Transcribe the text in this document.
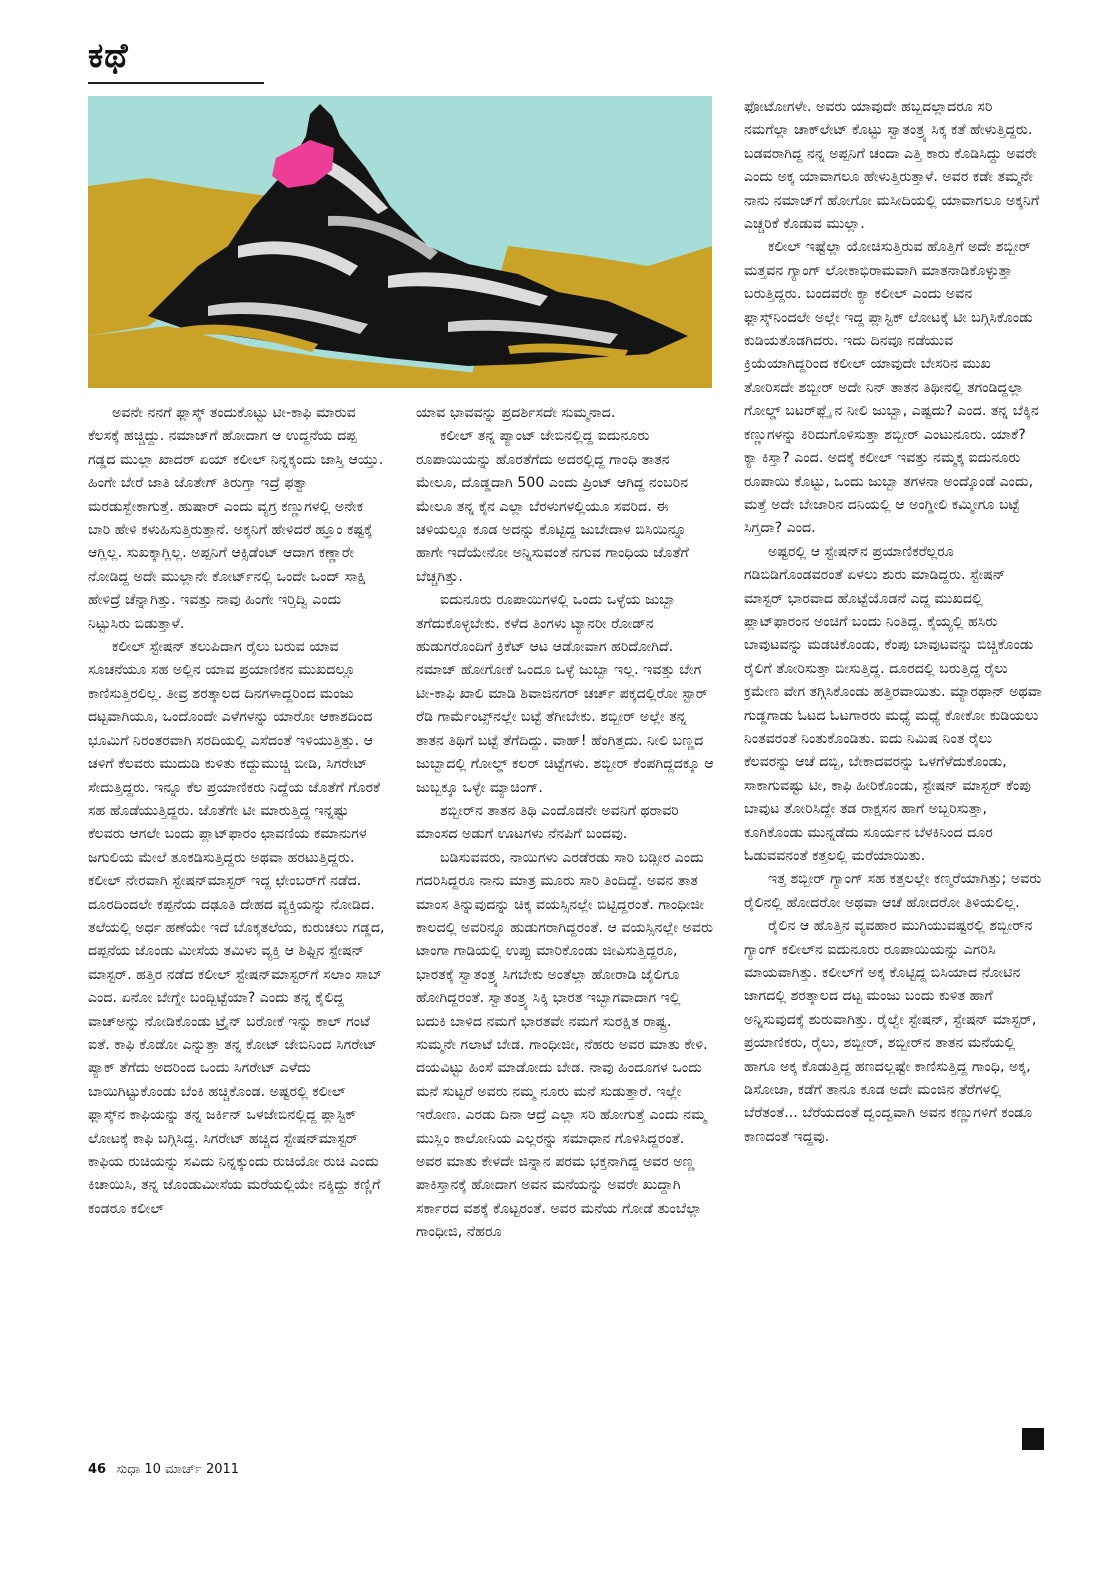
ಕಥೆ

ಅವನೇ ನನಗೆ ಫ್ಲಾಸ್ಕ್ ತಂದುಕೊಟ್ಟು ಟೀ-ಕಾಫಿ ಮಾರುವ ಕೆಲಸಕ್ಕೆ ಹಚ್ಚಿದ್ದು. ನಮಾಜ್‌ಗೆ ಹೋದಾಗ ಆ ಉದ್ದನೆಯ ದಪ್ಪ ಗಡ್ಡದ ಮುಲ್ಲಾ ಖಾದರ್ ಏಯ್ ಕಲೀಲ್ ನಿನ್ನಕ್ಕಂದು ಜಾಸ್ತಿ ಆಯ್ತು. ಹಿಂಗೇ ಬೇರೆ ಜಾತಿ ಜೊತೇಗ್ ತಿರುಗ್ತಾ ಇದ್ರೆ ಫತ್ವಾ ಮರಡುಸ್ಬೇಕಾಗುತ್ತೆ. ಹುಷಾರ್ ಎಂದು ವ್ಯಗ್ರ ಕಣ್ಣುಗಳಲ್ಲಿ ಅನೇಕ ಬಾರಿ ಹೇಳಿ ಕಳುಹಿಸುತ್ತಿರುತ್ತಾನೆ. ಅಕ್ಕನಿಗೆ ಹೇಳಿದರೆ ಹ್ಞೂಂ ಕಷ್ಟಕ್ಕೆ ಆಗ್ಲಿಲ್ಲ. ಸುಖಕ್ಕಾಗ್ಲಿಲ್ಲ. ಅಪ್ಪನಿಗೆ ಆಕ್ಸಿಡೆಂಟ್ ಆದಾಗ ಕಣ್ಣಾರೇ ನೋಡಿದ್ದ ಅದೇ ಮುಲ್ಲಾನೇ ಕೋರ್ಟ್‌ನಲ್ಲಿ ಒಂದೇ ಒಂದ್ ಸಾಕ್ಷಿ ಹೇಳಿದ್ರೆ ಚೆನ್ನಾಗಿತ್ತು. ಇವತ್ತು ನಾವು ಹಿಂಗೇ ಇರ್‍ತಿದ್ವಿ ಎಂದು ನಿಟ್ಟುಸಿರು ಬಿಡುತ್ತಾಳೆ.

ಕಲೀಲ್ ಸ್ಟೇಷನ್ ತಲುಪಿದಾಗ ರೈಲು ಬರುವ ಯಾವ ಸೂಚನೆಯೂ ಸಹ ಅಲ್ಲಿನ ಯಾವ ಪ್ರಯಾಣಿಕನ ಮುಖದಲ್ಲೂ ಕಾಣಿಸುತ್ತಿರಲಿಲ್ಲ. ತೀವ್ರ ಶರತ್ಕಾಲದ ದಿನಗಳಾದ್ದರಿಂದ ಮಂಜು ದಟ್ಟವಾಗಿಯೂ, ಒಂದೊಂದೇ ಎಳೆಗಳನ್ನು ಯಾರೋ ಆಕಾಶದಿಂದ ಭೂಮಿಗೆ ನಿರಂತರವಾಗಿ ಸರದಿಯಲ್ಲಿ ಎಸೆದಂತೆ ಇಳಿಯುತ್ತಿತ್ತು. ಆ ಚಳಿಗೆ ಕೆಲವರು ಮುದುಡಿ ಕುಳಿತು ಕದ್ದುಮುಚ್ಚಿ ಬೀಡಿ, ಸಿಗರೇಟ್ ಸೇದುತ್ತಿದ್ದರು. ಇನ್ನೂ ಕೆಲ ಪ್ರಯಾಣಿಕರು ನಿದ್ದೆಯ ಜೊತೆಗೆ ಗೊರಕೆ ಸಹ ಹೊಡೆಯುತ್ತಿದ್ದರು. ಜೊತೆಗೇ ಟೀ ಮಾರುತ್ತಿದ್ದ ಇನ್ನಷ್ಟು ಕೆಲವರು ಆಗಲೇ ಬಂದು ಪ್ಲಾಟ್‌ಫಾರಂ ಛಾವಣಿಯ ಕಮಾನುಗಳ ಜಗುಲಿಯ ಮೇಲೆ ತೂಕಡಿಸುತ್ತಿದ್ದರು ಅಥವಾ ಹರಟುತ್ತಿದ್ದರು. ಕಲೀಲ್ ನೇರವಾಗಿ ಸ್ಟೇಷನ್‌ಮಾಸ್ಟರ್ ಇದ್ದ ಛೇಂಬರ್‌ಗೆ ನಡೆದ. ದೂರದಿಂದಲೇ ಕಪ್ಪನೆಯ ದಢೂತಿ ದೇಹದ ವ್ಯಕ್ತಿಯನ್ನು ನೋಡಿದ. ತಲೆಯಲ್ಲಿ ಅರ್ಧ ಹಣೆಯೇ ಇದೆ ಬೊಕ್ಕತಲೆಯ, ಕುರುಚಲು ಗಡ್ಡದ, ದಪ್ಪನೆಯ ಜೊಂಡು ಮೀಸೆಯ ತಮಿಳು ವ್ಯಕ್ತಿ ಆ ಶಿಫ್ಟಿನ ಸ್ಟೇಷನ್ ಮಾಸ್ಟರ್. ಹತ್ತಿರ ನಡೆದ ಕಲೀಲ್ ಸ್ಟೇಷನ್‌ಮಾಸ್ಟರ್‌ಗೆ ಸಲಾಂ ಸಾಬ್ ಎಂದ. ಏನೋ ಬೇಗ್ನೇ ಬಂದ್ಬಿಟ್ಟೆಯಾ? ಎಂದು ತನ್ನ ಕೈಲಿದ್ದ ವಾಚ್‌ಅನ್ನು ನೋಡಿಕೊಂಡು ಟ್ರೈನ್ ಬರೋಕೆ ಇನ್ನು ಕಾಲ್ ಗಂಟೆ ಐತೆ. ಕಾಫಿ ಕೊಡೋ ಎನ್ನುತ್ತಾ ತನ್ನ ಕೋಟ್ ಜೇಬಿನಿಂದ ಸಿಗರೇಟ್ ಪ್ಯಾಕ್ ತೆಗೆದು ಅದರಿಂದ ಒಂದು ಸಿಗರೇಟ್ ಎಳೆದು ಬಾಯಿಗಿಟ್ಟುಕೊಂಡು ಬೆಂಕಿ ಹಚ್ಚಿಕೊಂಡ. ಅಷ್ಟರಲ್ಲಿ ಕಲೀಲ್ ಫ್ಲಾಸ್ಕ್‌ನ ಕಾಫಿಯನ್ನು ತನ್ನ ಜರ್ಕಿನ್ ಒಳಜೇಬಿನಲ್ಲಿದ್ದ ಪ್ಲಾಸ್ಟಿಕ್ ಲೋಟಕ್ಕೆ ಕಾಫಿ ಬಗ್ಗಿಸಿದ್ದ. ಸಿಗರೇಟ್ ಹಚ್ಚಿದ ಸ್ಟೇಷನ್‌ಮಾಸ್ಟರ್ ಕಾಫಿಯ ರುಚಿಯನ್ನು ಸವಿದು ನಿನ್ನಕ್ಕುಂದು ರುಚಿಯೋ ರುಚಿ ಎಂದು ಕಿಚಾಯಿಸಿ, ತನ್ನ ಜೊಂಡುಮೀಸೆಯ ಮರೆಯಲ್ಲಿಯೇ ನಕ್ಕಿದ್ದು ಕಣ್ಣಿಗೆ ಕಂಡರೂ ಕಲೀಲ್

ಯಾವ ಭಾವವನ್ನು ಪ್ರದರ್ಶಿಸದೇ ಸುಮ್ಮನಾದ.

ಕಲೀಲ್ ತನ್ನ ಪ್ಯಾಂಟ್ ಜೇಬಿನಲ್ಲಿದ್ದ ಐದುನೂರು ರೂಪಾಯಿಯನ್ನು ಹೊರತೆಗೆದು ಅದರಲ್ಲಿದ್ದ ಗಾಂಧಿ ತಾತನ ಮೇಲೂ, ದೊಡ್ಡದಾಗಿ 500 ಎಂದು ಪ್ರಿಂಟ್ ಆಗಿದ್ದ ನಂಬರಿನ ಮೇಲೂ ತನ್ನ ಕೈನ ಎಲ್ಲಾ ಬೆರಳುಗಳಲ್ಲಿಯೂ ಸವರಿದ. ಈ ಚಳಿಯಲ್ಲೂ ಕೂಡ ಅದನ್ನು ಕೊಟ್ಟಿದ್ದ ಜುಬೇದಾಳ ಬಿಸಿಯಿನ್ನೂ ಹಾಗೇ ಇದೆಯೇನೋ ಅನ್ನಿಸುವಂತೆ ನಗುವ ಗಾಂಧಿಯ ಜೊತೆಗೆ ಬೆಚ್ಚಗಿತ್ತು.

ಐದುನೂರು ರೂಪಾಯಿಗಳಲ್ಲಿ ಒಂದು ಒಳ್ಳೆಯ ಜುಬ್ಬಾ ತಗೆದುಕೊಳ್ಳಬೇಕು. ಕಳೆದ ತಿಂಗಳು ಟ್ಯಾನರೀ ರೋಡ್‌ನ ಹುಡುಗರೊಂದಿಗೆ ಕ್ರಿಕೆಟ್ ಆಟ ಆಡೋವಾಗ ಹರಿದೋಗಿದೆ. ನಮಾಜ್ ಹೋಗೋಕೆ ಒಂದೂ ಒಳ್ಳೆ ಜುಬ್ಬಾ ಇಲ್ಲ. ಇವತ್ತು ಬೇಗ ಟೀ-ಕಾಫಿ ಖಾಲಿ ಮಾಡಿ ಶಿವಾಜಿನಗರ್ ಚರ್ಚ್ ಪಕ್ಕದಲ್ಲಿರೋ ಸ್ಟಾರ್ ರೆಡಿ ಗಾರ್ಮೆಂಟ್ಸ್‌ನಲ್ಲೇ ಬಟ್ಟೆ ತೆಗೀಬೇಕು. ಶಬ್ಬೀರ್ ಅಲ್ಲೇ ತನ್ನ ತಾತನ ತಿಥಿಗೆ ಬಟ್ಟೆ ತೆಗೆದಿದ್ದು. ವಾಹ್! ಹೆಂಗಿತ್ತದು. ನೀಲಿ ಬಣ್ಣದ ಜುಬ್ಬಾದಲ್ಲಿ ಗೋಲ್ಡ್ ಕಲರ್ ಚಿಟ್ಟೆಗಳು. ಶಬ್ಬೀರ್ ಕೆಂಪಗಿದ್ದದಕ್ಕೂ ಆ ಜುಬ್ಬಕ್ಕೂ ಒಳ್ಳೇ ಮ್ಯಾಚಿಂಗ್.

ಶಬ್ಬೀರ್‌ನ ತಾತನ ತಿಥಿ ಎಂದೊಡನೇ ಅವನಿಗೆ ಥರಾವರಿ ಮಾಂಸದ ಅಡುಗೆ ಊಟಗಳು ನೆನಪಿಗೆ ಬಂದವು.

ಬಡಿಸುವವರು, ನಾಯಿಗಳು ಎರಡೆರಡು ಸಾರಿ ಬಡ್ಸೀರ ಎಂದು ಗದರಿಸಿದ್ದರೂ ನಾನು ಮಾತ್ರ ಮೂರು ಸಾರಿ ತಿಂದಿದ್ದೆ. ಅವನ ತಾತ ಮಾಂಸ ತಿನ್ನುವುದನ್ನು ಚಿಕ್ಕ ವಯಸ್ಸಿನಲ್ಲೇ ಬಿಟ್ಟಿದ್ದರಂತೆ. ಗಾಂಧೀಜೀ ಕಾಲದಲ್ಲಿ ಅವರಿನ್ನೂ ಹುಡುಗರಾಗಿದ್ದರಂತೆ. ಆ ವಯಸ್ಸಿನಲ್ಲೇ ಅವರು ಟಾಂಗಾ ಗಾಡಿಯಲ್ಲಿ ಉಪ್ಪು ಮಾರಿಕೊಂಡು ಜೀವಿಸುತ್ತಿದ್ದರೂ, ಭಾರತಕ್ಕೆ ಸ್ವಾತಂತ್ರ್ಯ ಸಿಗಬೇಕು ಅಂತೆಲ್ಲಾ ಹೋರಾಡಿ ಜೈಲಿಗೂ ಹೋಗಿದ್ದರಂತೆ. ಸ್ವಾತಂತ್ರ್ಯ ಸಿಕ್ಕಿ ಭಾರತ ಇಬ್ಭಾಗವಾದಾಗ ಇಲ್ಲಿ ಬದುಕಿ ಬಾಳಿದ ನಮಗೆ ಭಾರತವೇ ನಮಗೆ ಸುರಕ್ಷಿತ ರಾಷ್ಟ್ರ. ಸುಮ್ಮನೇ ಗಲಾಟೆ ಬೇಡ. ಗಾಂಧೀಜೀ, ನೆಹರು ಅವರ ಮಾತು ಕೇಳಿ. ದಯವಿಟ್ಟು ಹಿಂಸೆ ಮಾಡೋದು ಬೇಡ. ನಾವು ಹಿಂದೂಗಳ ಒಂದು ಮನೆ ಸುಟ್ಟರೆ ಅವರು ನಮ್ಮ ನೂರು ಮನೆ ಸುಡುತ್ತಾರೆ. ಇಲ್ಲೇ ಇರೋಣ. ಎರಡು ದಿನಾ ಆದ್ರೆ ಎಲ್ಲಾ ಸರಿ ಹೋಗುತ್ತೆ ಎಂದು ನಮ್ಮ ಮುಸ್ಲಿಂ ಕಾಲೋನಿಯ ಎಲ್ಲರನ್ನು ಸಮಾಧಾನ ಗೊಳಿಸಿದ್ದರಂತೆ. ಅವರ ಮಾತು ಕೇಳದೇ ಜಿನ್ನಾನ ಪರಮ ಭಕ್ತನಾಗಿದ್ದ ಅವರ ಅಣ್ಣ ಪಾಕಿಸ್ತಾನಕ್ಕೆ ಹೋದಾಗ ಅವನ ಮನೆಯನ್ನು ಅವರೇ ಖುದ್ದಾಗಿ ಸರ್ಕಾರದ ವಶಕ್ಕೆ ಕೊಟ್ಟರಂತೆ. ಅವರ ಮನೆಯ ಗೋಡೆ ತುಂಬೆಲ್ಲಾ ಗಾಂಧೀಜಿ, ನೆಹರೂ

ಫೋಟೋಗಳೇ. ಅವರು ಯಾವುದೇ ಹಬ್ಬದಲ್ಲಾದರೂ ಸರಿ ನಮಗೆಲ್ಲಾ ಚಾಕ್‌ಲೇಟ್ ಕೊಟ್ಟು ಸ್ವಾತಂತ್ರ್ಯ ಸಿಕ್ಕ ಕತೆ ಹೇಳುತ್ತಿದ್ದರು. ಬಡವರಾಗಿದ್ದ ನನ್ನ ಅಪ್ಪನಿಗೆ ಚಂದಾ ಎತ್ತಿ ಕಾರು ಕೊಡಿಸಿದ್ದು ಅವರೇ ಎಂದು ಅಕ್ಕ ಯಾವಾಗಲೂ ಹೇಳುತ್ತಿರುತ್ತಾಳೆ. ಅವರ ಕಡೇ ತಮ್ಮನೇ ನಾನು ನಮಾಜ್‌ಗೆ ಹೋಗೋ ಮಸೀದಿಯಲ್ಲಿ ಯಾವಾಗಲೂ ಅಕ್ಕನಿಗೆ ಎಚ್ಚರಿಕೆ ಕೊಡುವ ಮುಲ್ಲಾ.

ಕಲೀಲ್ ಇಷ್ಟೆಲ್ಲಾ ಯೋಚಿಸುತ್ತಿರುವ ಹೊತ್ತಿಗೆ ಅದೇ ಶಬ್ಬೀರ್ ಮತ್ತವನ ಗ್ಯಾಂಗ್ ಲೋಕಾಭಿರಾಮವಾಗಿ ಮಾತನಾಡಿಕೊಳ್ಳುತ್ತಾ ಬರುತ್ತಿದ್ದರು. ಬಂದವರೇ ಕ್ಯಾ ಕಲೀಲ್ ಎಂದು ಅವನ ಫ್ಲಾಸ್ಕ್‌ನಿಂದಲೇ ಅಲ್ಲೇ ಇದ್ದ ಪ್ಲಾಸ್ಟಿಕ್ ಲೋಟಕ್ಕೆ ಟೀ ಬಗ್ಗಿಸಿಕೊಂಡು ಕುಡಿಯತೊಡಗಿದರು. ಇದು ದಿನವೂ ನಡೆಯುವ ಕ್ರಿಯೆಯಾಗಿದ್ದರಿಂದ ಕಲೀಲ್ ಯಾವುದೇ ಬೇಸರಿನ ಮುಖ ತೋರಿಸದೇ ಶಬ್ಬೀರ್ ಅದೇ ನಿನ್ ತಾತನ ತಿಥೀನಲ್ಲಿ ತಗಂಡಿದ್ದಲ್ಲಾ ಗೋಲ್ಡ್ ಬಟರ್‌ಫ್ಲೈ ನ ನೀಲಿ ಜುಬ್ಬಾ, ಎಷ್ಟದು? ಎಂದ. ತನ್ನ ಬೆಕ್ಕಿನ ಕಣ್ಣುಗಳನ್ನು ಕಿರಿದುಗೊಳಿಸುತ್ತಾ ಶಬ್ಬೀರ್ ಎಂಟುನೂರು. ಯಾಕೆ? ಕ್ಯಾ ಕಿಸ್ತಾ? ಎಂದ. ಅದಕ್ಕೆ ಕಲೀಲ್ ಇವತ್ತು ನಮ್ಮಕ್ಕ ಐದುನೂರು ರೂಪಾಯಿ ಕೊಟ್ಟು, ಒಂದು ಜುಬ್ಬಾ ತಗಳನಾ ಅಂದ್ಕೊಂಡೆ ಎಂದು, ಮತ್ತೆ ಅದೇ ಬೇಜಾರಿನ ದನಿಯಲ್ಲಿ ಆ ಅಂಗ್ಡೀಲಿ ಕಮ್ಮೀಗೂ ಬಟ್ಟೆ ಸಿಗ್ತದಾ? ಎಂದ.

ಅಷ್ಟರಲ್ಲಿ ಆ ಸ್ಟೇಷನ್‌ನ ಪ್ರಯಾಣಿಕರೆಲ್ಲರೂ ಗಡಿಬಿಡಿಗೊಂಡವರಂತೆ ಏಳಲು ಶುರು ಮಾಡಿದ್ದರು. ಸ್ಟೇಷನ್ ಮಾಸ್ಟರ್ ಭಾರವಾದ ಹೊಟ್ಟೆಯೊಡನೆ ಎದ್ದ ಮುಖದಲ್ಲಿ ಪ್ಲಾಟ್‌ಫಾರಂನ ಅಂಚಿಗೆ ಬಂದು ನಿಂತಿದ್ದ. ಕೈಯ್ಯಲ್ಲಿ ಹಸಿರು ಬಾವುಟವನ್ನು ಮಡಚಿಕೊಂಡು, ಕೆಂಪು ಬಾವುಟವನ್ನು ಬಿಚ್ಚಿಕೊಂಡು ರೈಲಿಗೆ ತೋರಿಸುತ್ತಾ ಬೀಸುತ್ತಿದ್ದ. ದೂರದಲ್ಲಿ ಬರುತ್ತಿದ್ದ ರೈಲು ಕ್ರಮೇಣ ವೇಗ ತಗ್ಗಿಸಿಕೊಂಡು ಹತ್ತಿರವಾಯಿತು. ಮ್ಯಾರಥಾನ್ ಅಥವಾ ಗುಡ್ಡಗಾಡು ಓಟದ ಓಟಗಾರರು ಮಧ್ಯೆ ಮಧ್ಯೆ ಕೋಕೋ ಕುಡಿಯಲು ನಿಂತವರಂತೆ ನಿಂತುಕೊಂಡಿತು. ಐದು ನಿಮಿಷ ನಿಂತ ರೈಲು ಕೆಲವರನ್ನು ಆಚೆ ದಬ್ಬಿ, ಬೇಕಾದವರನ್ನು ಒಳಗೆಳೆದುಕೊಂಡು, ಸಾಕಾಗುವಷ್ಟು ಟೀ, ಕಾಫಿ ಹೀರಿಕೊಂಡು, ಸ್ಟೇಷನ್ ಮಾಸ್ಟರ್ ಕೆಂಪು ಬಾವುಟ ತೋರಿಸಿದ್ದೇ ತಡ ರಾಕ್ಷಸನ ಹಾಗೆ ಅಬ್ಬರಿಸುತ್ತಾ, ಕೂಗಿಕೊಂಡು ಮುನ್ನಡೆದು ಸೂರ್ಯನ ಬೆಳಕಿನಿಂದ ದೂರ ಓಡುವವನಂತೆ ಕತ್ತಲಲ್ಲಿ ಮರೆಯಾಯಿತು.

ಇತ್ತ ಶಬ್ಬೀರ್ ಗ್ಯಾಂಗ್ ಸಹ ಕತ್ತಲಲ್ಲೇ ಕಣ್ಮರೆಯಾಗಿತ್ತು; ಅವರು ರೈಲಿನಲ್ಲಿ ಹೋದರೋ ಅಥವಾ ಆಚೆ ಹೋದರೋ ತಿಳಿಯಲಿಲ್ಲ.

ರೈಲಿನ ಆ ಹೊತ್ತಿನ ವ್ಯವಹಾರ ಮುಗಿಯುವಷ್ಟರಲ್ಲಿ ಶಬ್ಬೀರ್‌ನ ಗ್ಯಾಂಗ್ ಕಲೀಲ್‌ನ ಐದುನೂರು ರೂಪಾಯಿಯನ್ನು ಎಗರಿಸಿ ಮಾಯವಾಗಿತ್ತು. ಕಲೀಲ್‌ಗೆ ಅಕ್ಕ ಕೊಟ್ಟಿದ್ದ ಬಿಸಿಯಾದ ನೋಟಿನ ಜಾಗದಲ್ಲಿ ಶರತ್ಕಾಲದ ದಟ್ಟ ಮಂಜು ಬಂದು ಕುಳಿತ ಹಾಗೆ ಅನ್ನಿಸುವುದಕ್ಕೆ ಶುರುವಾಗಿತ್ತು. ರೈಲ್ವೇ ಸ್ಟೇಷನ್, ಸ್ಟೇಷನ್ ಮಾಸ್ಟರ್, ಪ್ರಯಾಣಿಕರು, ರೈಲು, ಶಬ್ಬೀರ್, ಶಬ್ಬೀರ್‌ನ ತಾತನ ಮನೆಯಲ್ಲಿ ಹಾಗೂ ಅಕ್ಕ ಕೊಡುತ್ತಿದ್ದ ಹಣದಲ್ಲಷ್ಟೇ ಕಾಣಿಸುತ್ತಿದ್ದ ಗಾಂಧಿ, ಅಕ್ಕ, ಡಿಸೋಜಾ, ಕಡೆಗೆ ತಾನೂ ಕೂಡ ಅದೇ ಮಂಜಿನ ತೆರೆಗಳಲ್ಲಿ ಬೆರೆತಂತೆ... ಬೆರೆಯದಂತೆ ದ್ವಂದ್ವವಾಗಿ ಅವನ ಕಣ್ಣುಗಳಿಗೆ ಕಂಡೂ ಕಾಣದಂತೆ ಇದ್ದವು.

46 ಸುಧಾ 10 ಮಾರ್ಚ್ 2011
